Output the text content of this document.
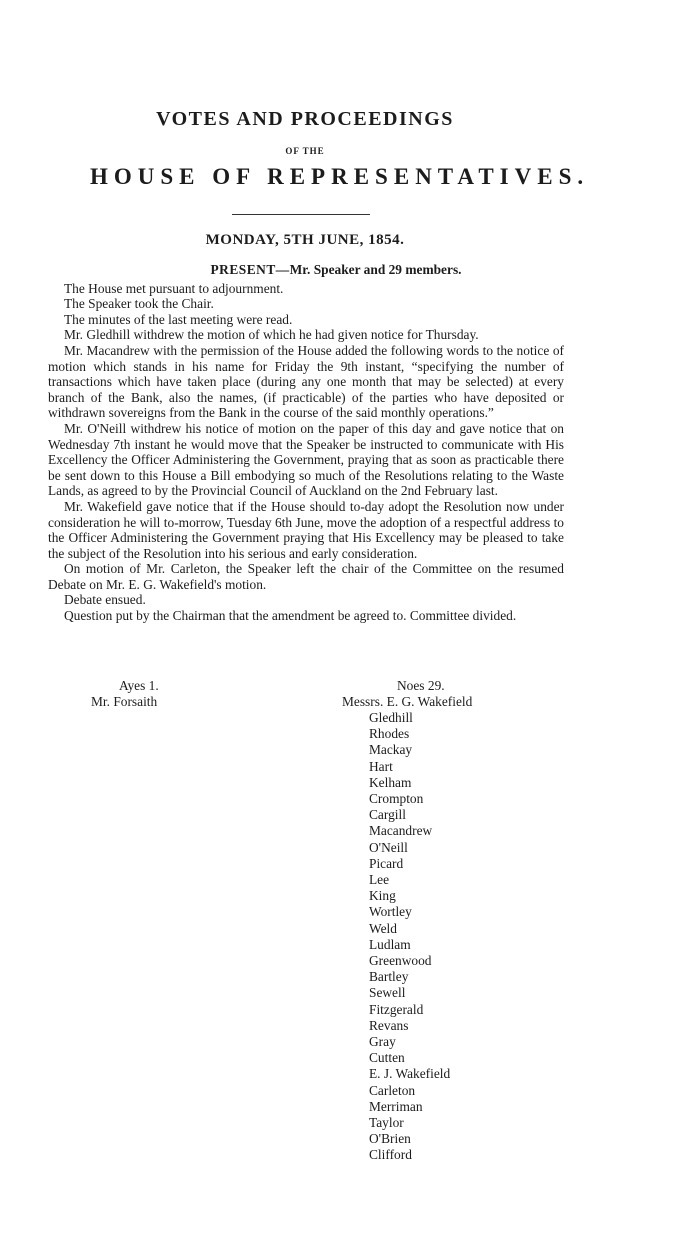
VOTES AND PROCEEDINGS
OF THE
HOUSE OF REPRESENTATIVES.
MONDAY, 5TH JUNE, 1854.
PRESENT—Mr. Speaker and 29 members.

The House met pursuant to adjournment.

The Speaker took the Chair.

The minutes of the last meeting were read.

Mr. Gledhill withdrew the motion of which he had given notice for Thursday.

Mr. Macandrew with the permission of the House added the following words to the notice of motion which stands in his name for Friday the 9th instant, “specifying the number of transactions which have taken place (during any one month that may be selected) at every branch of the Bank, also the names, (if practicable) of the parties who have deposited or withdrawn sovereigns from the Bank in the course of the said monthly operations.”

Mr. O'Neill withdrew his notice of motion on the paper of this day and gave notice that on Wednesday 7th instant he would move that the Speaker be instructed to communicate with His Excellency the Officer Administering the Government, praying that as soon as practicable there be sent down to this House a Bill embodying so much of the Resolutions relating to the Waste Lands, as agreed to by the Provincial Council of Auckland on the 2nd February last.

Mr. Wakefield gave notice that if the House should to-day adopt the Resolution now under consideration he will to-morrow, Tuesday 6th June, move the adoption of a respectful address to the Officer Administering the Government praying that His Excellency may be pleased to take the subject of the Resolution into his serious and early consideration.

On motion of Mr. Carleton, the Speaker left the chair of the Committee on the resumed Debate on Mr. E. G. Wakefield's motion.

Debate ensued.

Question put by the Chairman that the amendment be agreed to. Committee divided.

Ayes 1.
Mr. Forsaith
Noes 29.
Messrs. E. G. Wakefield
Gledhill
Rhodes
Mackay
Hart
Kelham
Crompton
Cargill
Macandrew
O'Neill
Picard
Lee
King
Wortley
Weld
Ludlam
Greenwood
Bartley
Sewell
Fitzgerald
Revans
Gray
Cutten
E. J. Wakefield
Carleton
Merriman
Taylor
O'Brien
Clifford
